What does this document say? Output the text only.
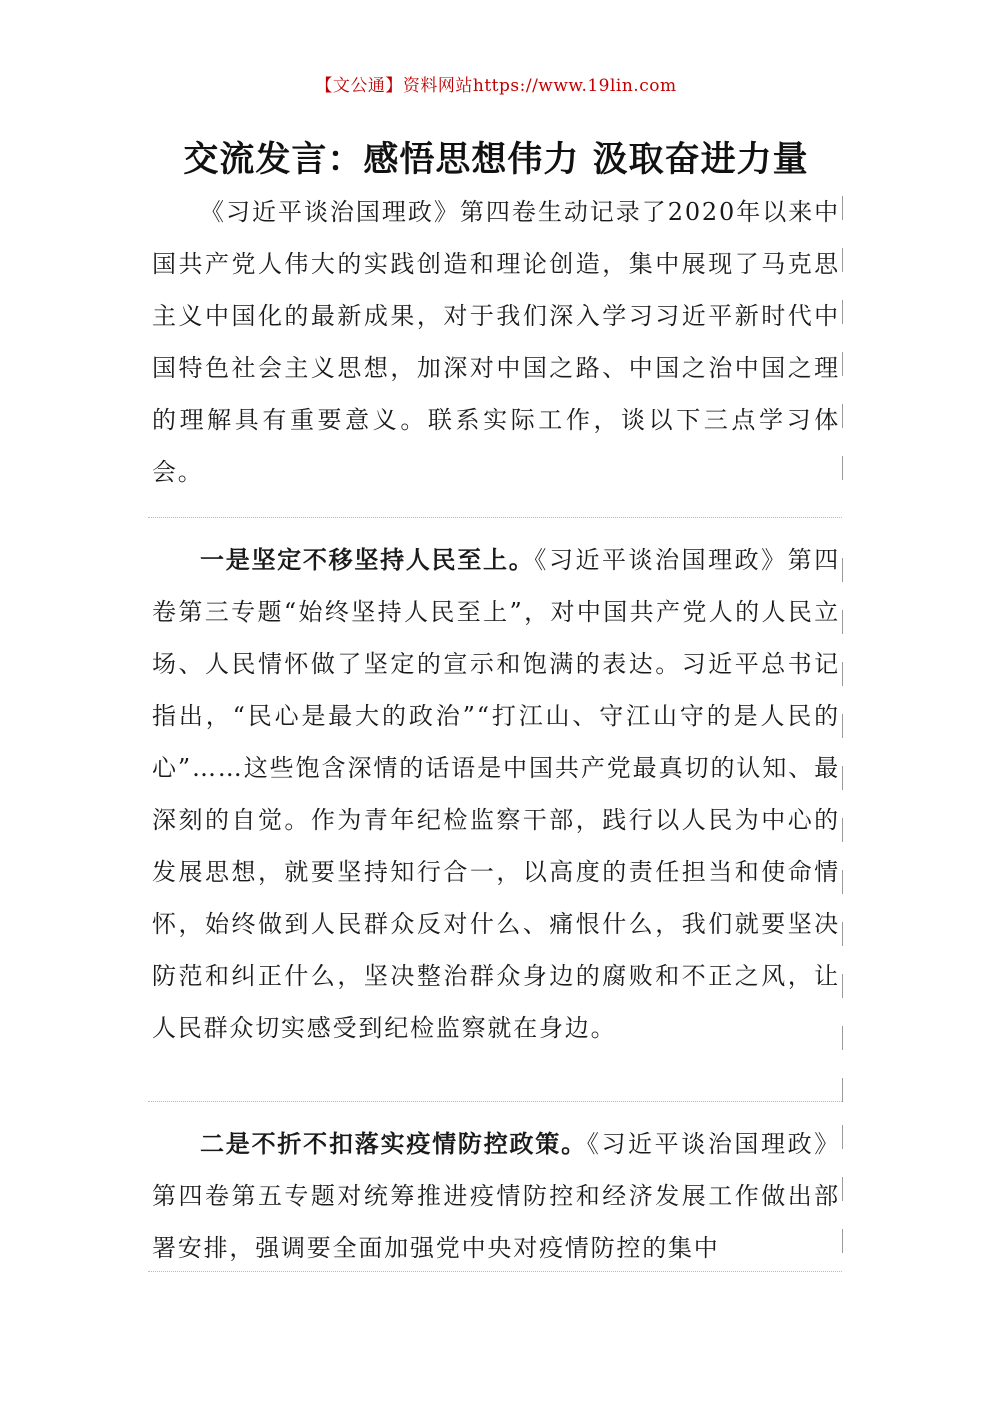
【文公通】资料网站https://www.19lin.com
交流发言：感悟思想伟力 汲取奋进力量

《习近平谈治国理政》第四卷生动记录了2020年以来中国共产党人伟大的实践创造和理论创造，集中展现了马克思主义中国化的最新成果，对于我们深入学习习近平新时代中国特色社会主义思想，加深对中国之路、中国之治中国之理的理解具有重要意义。联系实际工作，谈以下三点学习体会。

一是坚定不移坚持人民至上。《习近平谈治国理政》第四卷第三专题“始终坚持人民至上”，对中国共产党人的人民立场、人民情怀做了坚定的宣示和饱满的表达。习近平总书记指出，“民心是最大的政治”“打江山、守江山守的是人民的心”……这些饱含深情的话语是中国共产党最真切的认知、最深刻的自觉。作为青年纪检监察干部，践行以人民为中心的发展思想，就要坚持知行合一，以高度的责任担当和使命情怀，始终做到人民群众反对什么、痛恨什么，我们就要坚决防范和纠正什么，坚决整治群众身边的腐败和不正之风，让人民群众切实感受到纪检监察就在身边。

二是不折不扣落实疫情防控政策。《习近平谈治国理政》第四卷第五专题对统筹推进疫情防控和经济发展工作做出部署安排，强调要全面加强党中央对疫情防控的集中
